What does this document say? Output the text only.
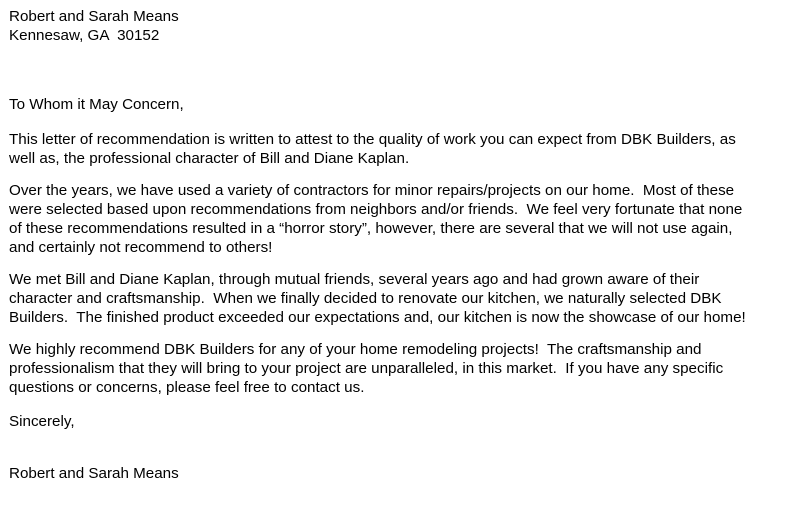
Robert and Sarah Means
Kennesaw, GA  30152
To Whom it May Concern,
This letter of recommendation is written to attest to the quality of work you can expect from DBK Builders, as
well as, the professional character of Bill and Diane Kaplan.
Over the years, we have used a variety of contractors for minor repairs/projects on our home.  Most of these
were selected based upon recommendations from neighbors and/or friends.  We feel very fortunate that none
of these recommendations resulted in a “horror story”, however, there are several that we will not use again,
and certainly not recommend to others!
We met Bill and Diane Kaplan, through mutual friends, several years ago and had grown aware of their
character and craftsmanship.  When we finally decided to renovate our kitchen, we naturally selected DBK
Builders.  The finished product exceeded our expectations and, our kitchen is now the showcase of our home!
We highly recommend DBK Builders for any of your home remodeling projects!  The craftsmanship and
professionalism that they will bring to your project are unparalleled, in this market.  If you have any specific
questions or concerns, please feel free to contact us.
Sincerely,
Robert and Sarah Means
